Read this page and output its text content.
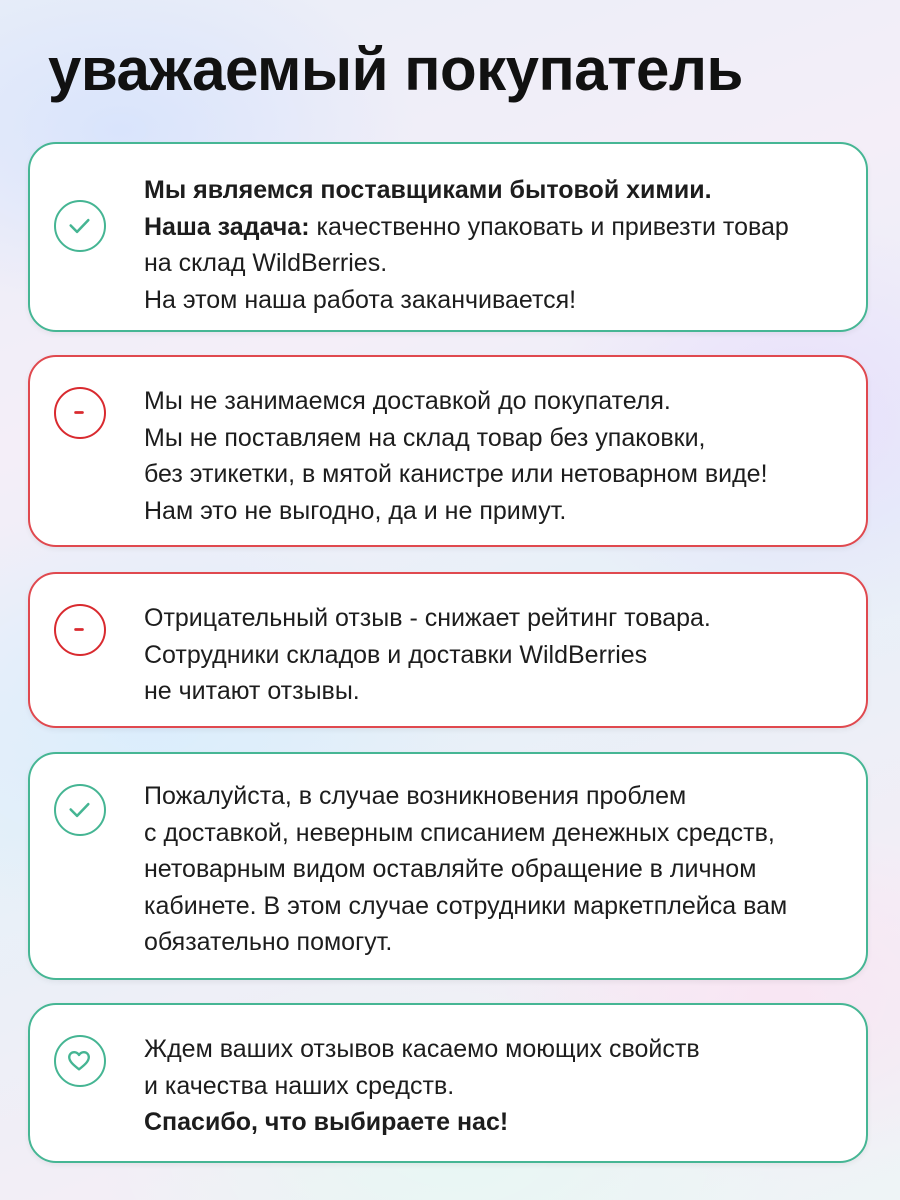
уважаемый покупатель
Мы являемся поставщиками бытовой химии.
Наша задача: качественно упаковать и привезти товар
на склад WildBerries.
На этом наша работа заканчивается!
Мы не занимаемся доставкой до покупателя.
Мы не поставляем на склад товар без упаковки,
без этикетки, в мятой канистре или нетоварном виде!
Нам это не выгодно, да и не примут.
Отрицательный отзыв - снижает рейтинг товара.
Сотрудники складов и доставки WildBerries
не читают отзывы.
Пожалуйста, в случае возникновения проблем
с доставкой, неверным списанием денежных средств,
нетоварным видом оставляйте обращение в личном
кабинете. В этом случае сотрудники маркетплейса вам
обязательно помогут.
Ждем ваших отзывов касаемо моющих свойств
и качества наших средств.
Спасибо, что выбираете нас!
